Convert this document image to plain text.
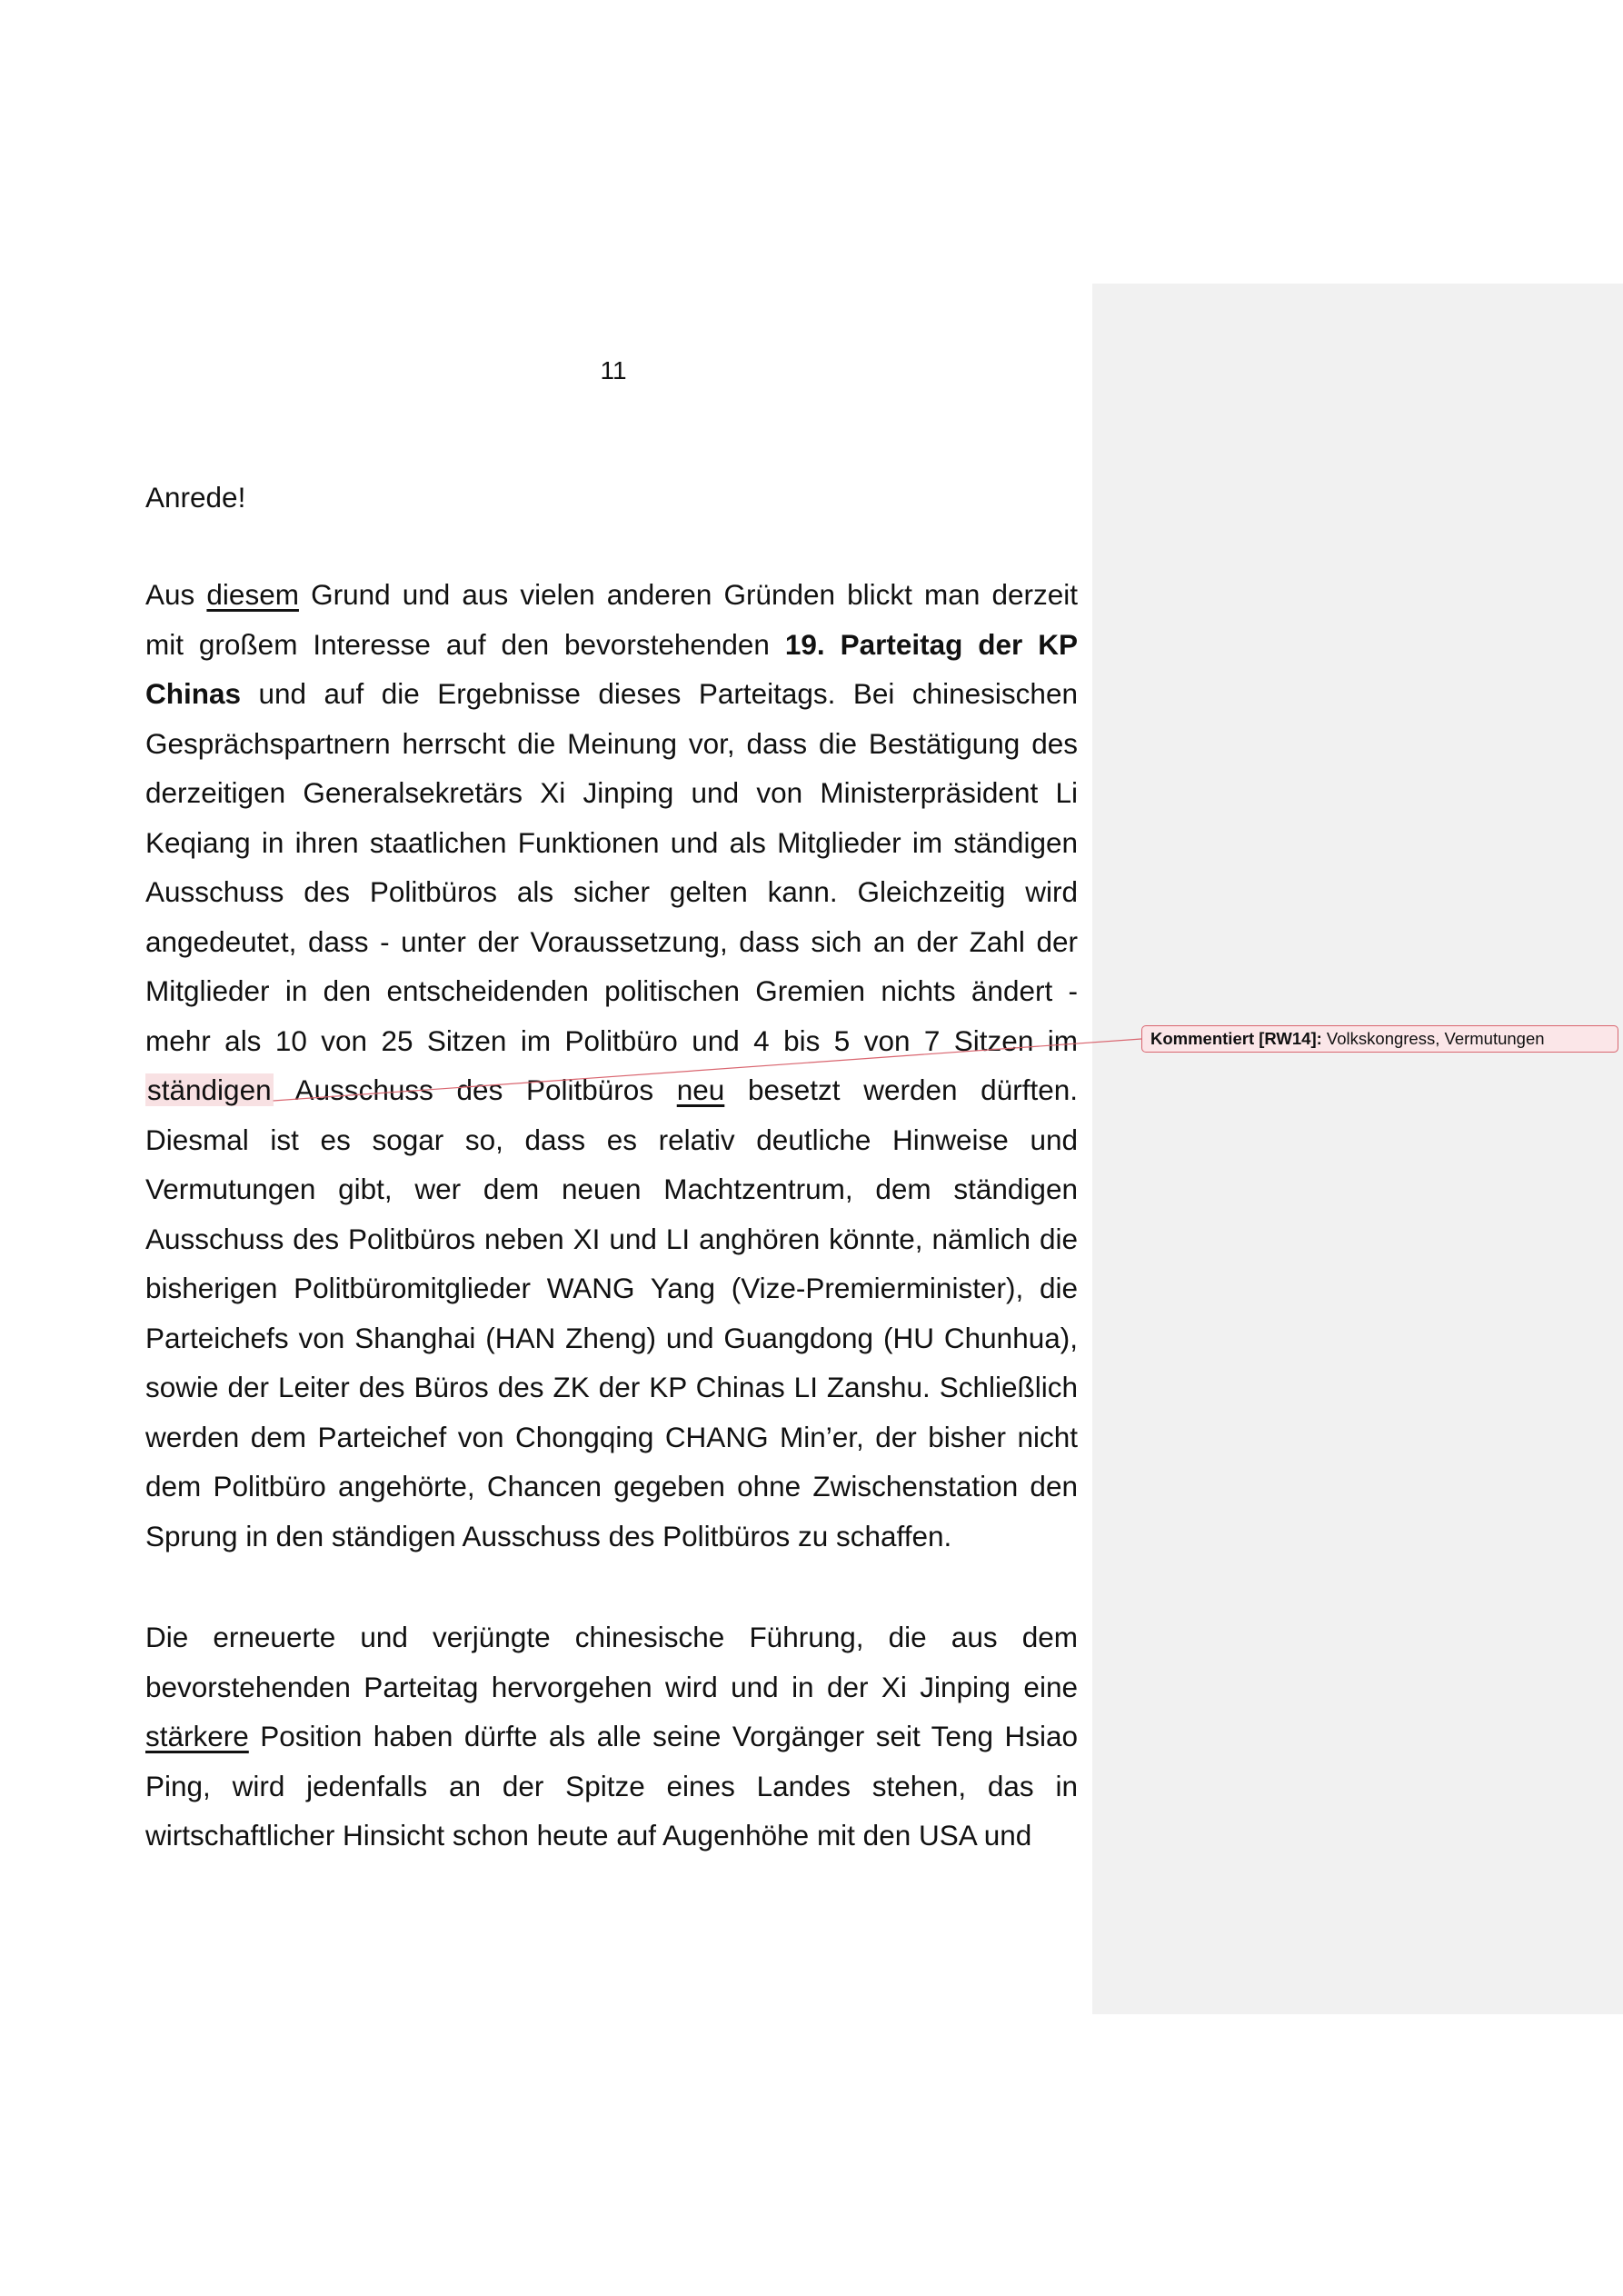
11

Anrede!

Aus diesem Grund und aus vielen anderen Gründen blickt man derzeit mit großem Interesse auf den bevorstehenden 19. Parteitag der KP Chinas und auf die Ergebnisse dieses Parteitags. Bei chinesischen Gesprächspartnern herrscht die Meinung vor, dass die Bestätigung des derzeitigen Generalsekretärs Xi Jinping und von Ministerpräsident Li Keqiang in ihren staatlichen Funktionen und als Mitglieder im ständigen Ausschuss des Politbüros als sicher gelten kann. Gleichzeitig wird angedeutet, dass - unter der Voraussetzung, dass sich an der Zahl der Mitglieder in den entscheidenden politischen Gremien nichts ändert - mehr als 10 von 25 Sitzen im Politbüro und 4 bis 5 von 7 Sitzen im ständigen Ausschuss des Politbüros neu besetzt werden dürften. Diesmal ist es sogar so, dass es relativ deutliche Hinweise und Vermutungen gibt, wer dem neuen Machtzentrum, dem ständigen Ausschuss des Politbüros neben XI und LI anghören könnte, nämlich die bisherigen Politbüromitglieder WANG Yang (Vize-Premierminister), die Parteichefs von Shanghai (HAN Zheng) und Guangdong (HU Chunhua), sowie der Leiter des Büros des ZK der KP Chinas LI Zanshu. Schließlich werden dem Parteichef von Chongqing CHANG Min’er, der bisher nicht dem Politbüro angehörte, Chancen gegeben ohne Zwischenstation den Sprung in den ständigen Ausschuss des Politbüros zu schaffen.

Die erneuerte und verjüngte chinesische Führung, die aus dem bevorstehenden Parteitag hervorgehen wird und in der Xi Jinping eine stärkere Position haben dürfte als alle seine Vorgänger seit Teng Hsiao Ping, wird jedenfalls an der Spitze eines Landes stehen, das in wirtschaftlicher Hinsicht schon heute auf Augenhöhe mit den USA und

Kommentiert [RW14]: Volkskongress, Vermutungen
